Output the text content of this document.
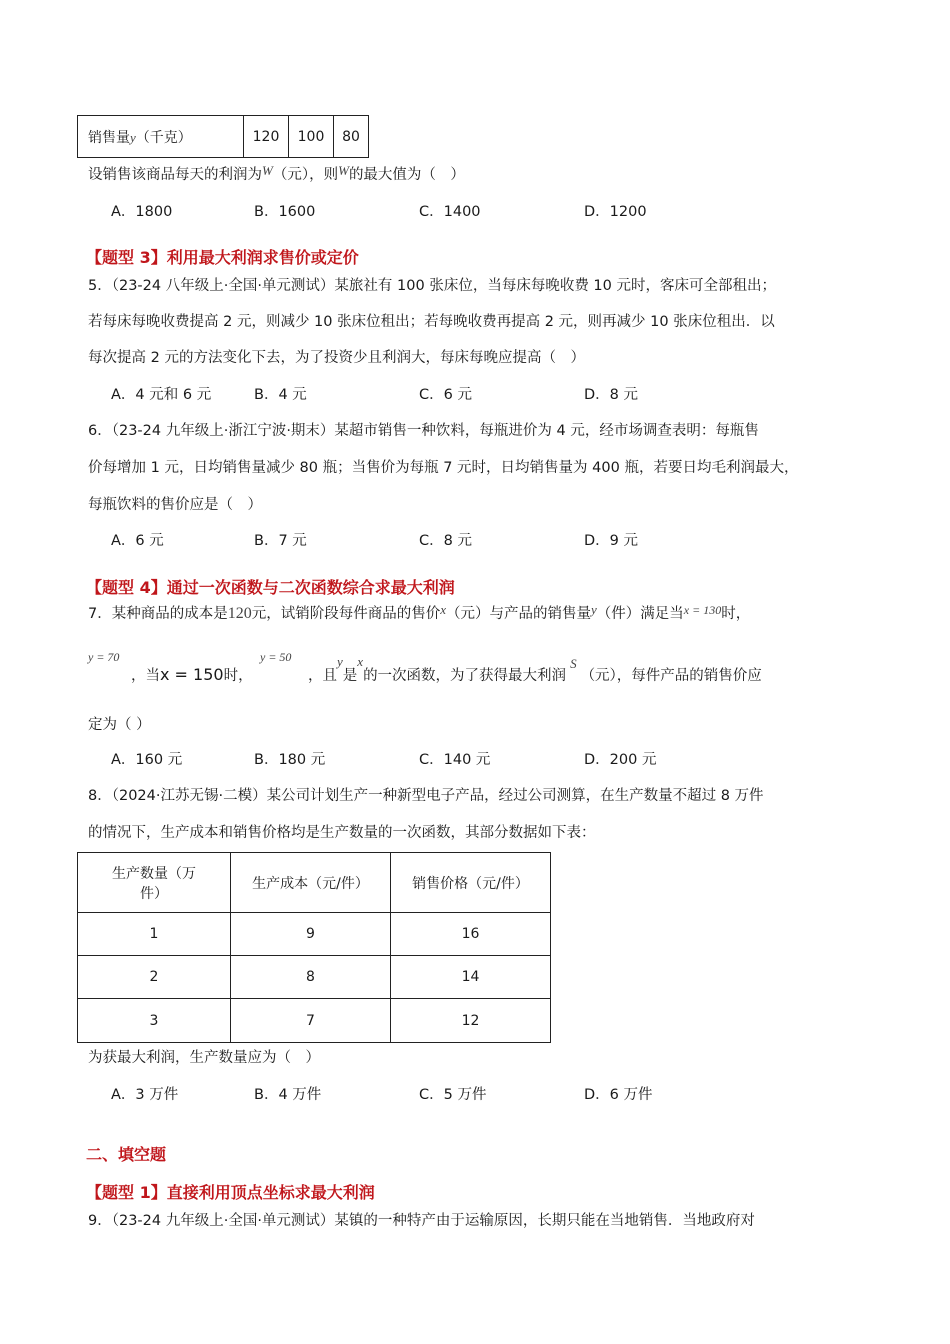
销售量y（千克）	120	100	80
设销售该商品每天的利润为W（元），则W的最大值为（　）
A．1800	B．1600	C．1400	D．1200
【题型 3】利用最大利润求售价或定价
5．（23-24 八年级上·全国·单元测试）某旅社有 100 张床位，当每床每晚收费 10 元时，客床可全部租出；
若每床每晚收费提高 2 元，则减少 10 张床位租出；若每晚收费再提高 2 元，则再减少 10 张床位租出．以
每次提高 2 元的方法变化下去，为了投资少且利润大，每床每晚应提高（　）
A．4 元和 6 元	B．4 元	C．6 元	D．8 元
6．（23-24 九年级上·浙江宁波·期末）某超市销售一种饮料，每瓶进价为 4 元，经市场调查表明：每瓶售
价每增加 1 元，日均销售量减少 80 瓶；当售价为每瓶 7 元时，日均销售量为 400 瓶，若要日均毛利润最大，
每瓶饮料的售价应是（　）
A．6 元	B．7 元	C．8 元	D．9 元
【题型 4】通过一次函数与二次函数综合求最大利润
7．某种商品的成本是120元，试销阶段每件商品的售价x（元）与产品的销售量y（件）满足当$^{x = 130}$时，
y = 70
，当x = 150时，
y = 50
，且y是x的一次函数，为了获得最大利润S（元），每件产品的销售价应
定为（ ）
A．160 元	B．180 元	C．140 元	D．200 元
8．（2024·江苏无锡·二模）某公司计划生产一种新型电子产品，经过公司测算，在生产数量不超过 8 万件
的情况下，生产成本和销售价格均是生产数量的一次函数，其部分数据如下表：
生产数量（万
件）	生产成本（元/件）	销售价格（元/件）
1	9	16
2	8	14
3	7	12
为获最大利润，生产数量应为（　）
A．3 万件	B．4 万件	C．5 万件	D．6 万件
二、填空题
【题型 1】直接利用顶点坐标求最大利润
9．（23-24 九年级上·全国·单元测试）某镇的一种特产由于运输原因，长期只能在当地销售．当地政府对
